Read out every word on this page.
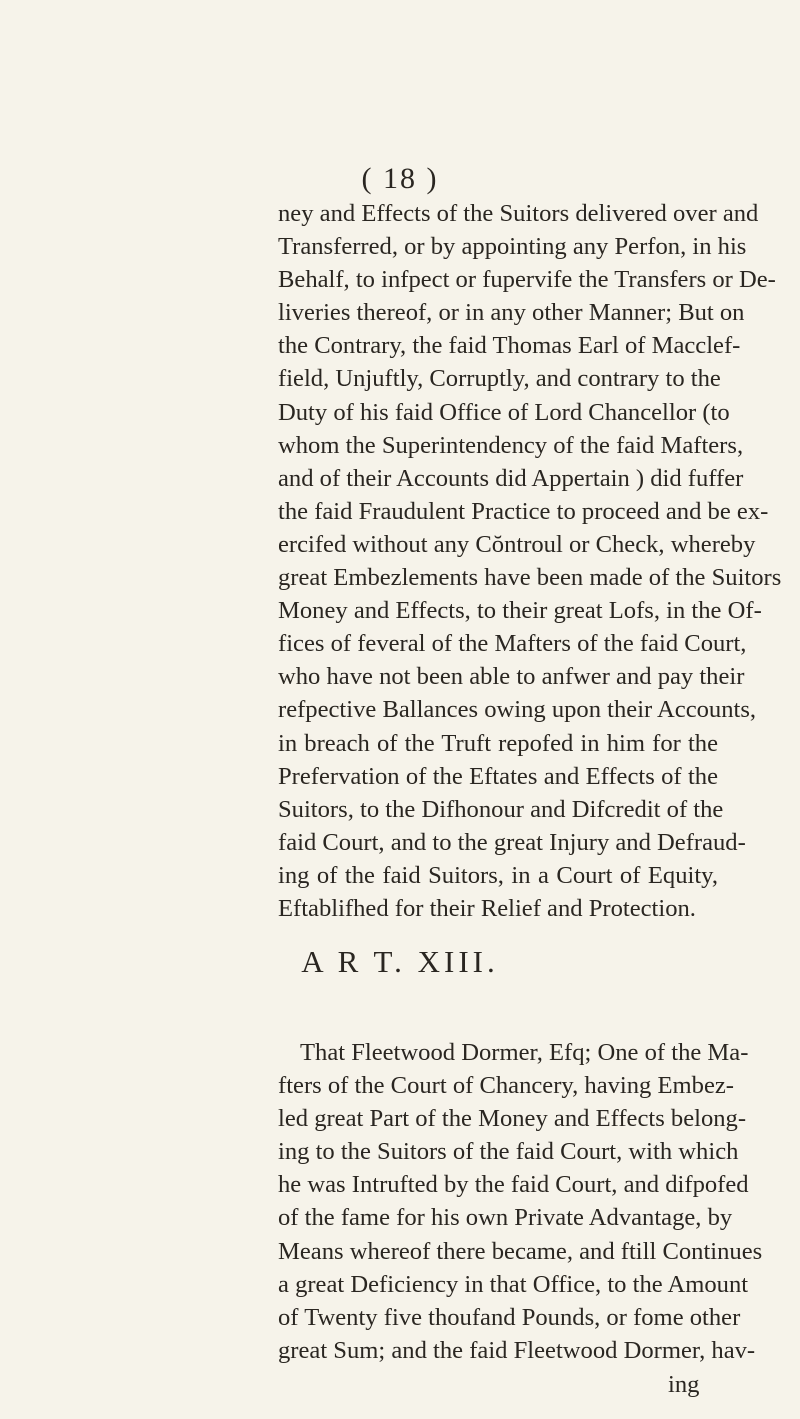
( 18 )
ney and Effects of the Suitors delivered over and
Transferred, or by appointing any Perfon, in his
Behalf, to infpect or fupervife the Transfers or De-
liveries thereof, or in any other Manner; But on
the Contrary, the faid Thomas Earl of Macclef-
field, Unjuftly, Corruptly, and contrary to the
Duty of his faid Office of Lord Chancellor (to
whom the Superintendency of the faid Mafters,
and of their Accounts did Appertain ) did fuffer
the faid Fraudulent Practice to proceed and be ex-
ercifed without any Cŏntroul or Check, whereby
great Embezlements have been made of the Suitors
Money and Effects, to their great Lofs, in the Of-
fices of feveral of the Mafters of the faid Court,
who have not been able to anfwer and pay their
refpective Ballances owing upon their Accounts,
in breach of the Truft repofed in him for the
Prefervation of the Eftates and Effects of the
Suitors, to the Difhonour and Difcredit of the
faid Court, and to the great Injury and Defraud-
ing of the faid Suitors, in a Court of Equity,
Eftablifhed for their Relief and Protection.
A R T. XIII.
That Fleetwood Dormer, Efq; One of the Ma-
fters of the Court of Chancery, having Embez-
led great Part of the Money and Effects belong-
ing to the Suitors of the faid Court, with which
he was Intrufted by the faid Court, and difpofed
of the fame for his own Private Advantage, by
Means whereof there became, and ftill Continues
a great Deficiency in that Office, to the Amount
of Twenty five thoufand Pounds, or fome other
great Sum; and the faid Fleetwood Dormer, hav-
ing
